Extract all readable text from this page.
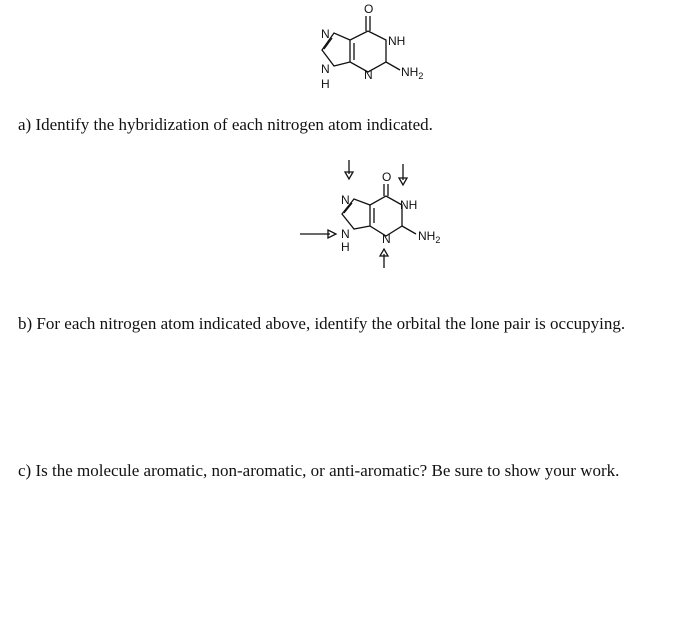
O
N	NH
N
N
H
$NH_2$
a) Identify the hybridization of each nitrogen atom indicated.
O
N	NH
N
N
H
$NH_2$
b) For each nitrogen atom indicated above, identify the orbital the lone pair is occupying.
c) Is the molecule aromatic, non-aromatic, or anti-aromatic? Be sure to show your work.
